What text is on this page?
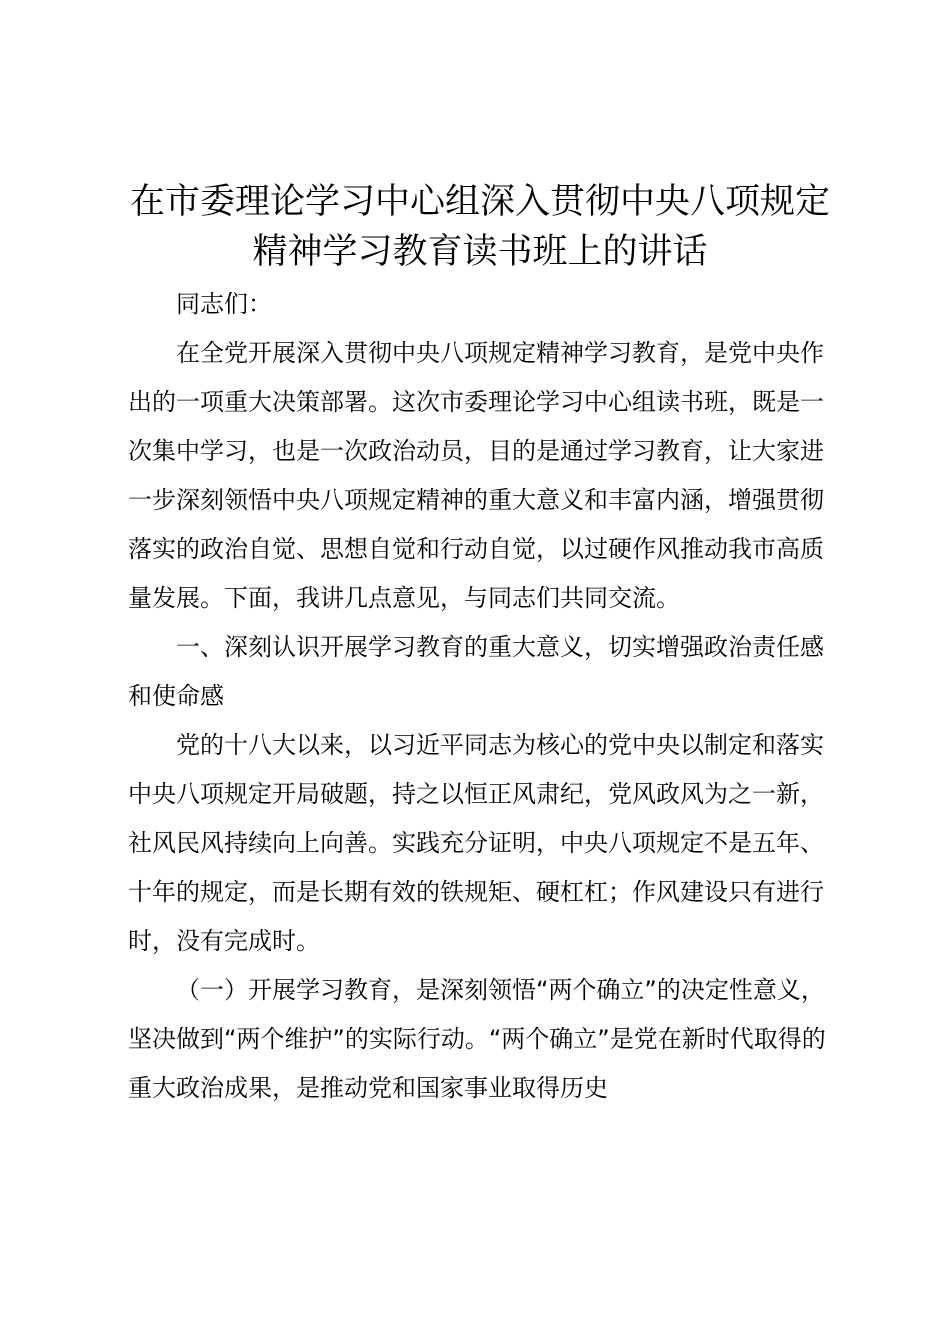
在市委理论学习中心组深入贯彻中央八项规定
精神学习教育读书班上的讲话

同志们：

在全党开展深入贯彻中央八项规定精神学习教育，是党中央作出的一项重大决策部署。这次市委理论学习中心组读书班，既是一次集中学习，也是一次政治动员，目的是通过学习教育，让大家进一步深刻领悟中央八项规定精神的重大意义和丰富内涵，增强贯彻落实的政治自觉、思想自觉和行动自觉，以过硬作风推动我市高质量发展。下面，我讲几点意见，与同志们共同交流。

一、深刻认识开展学习教育的重大意义，切实增强政治责任感和使命感

党的十八大以来，以习近平同志为核心的党中央以制定和落实中央八项规定开局破题，持之以恒正风肃纪，党风政风为之一新，社风民风持续向上向善。实践充分证明，中央八项规定不是五年、十年的规定，而是长期有效的铁规矩、硬杠杠；作风建设只有进行时，没有完成时。

（一）开展学习教育，是深刻领悟“两个确立”的决定性意义，坚决做到“两个维护”的实际行动。“两个确立”是党在新时代取得的重大政治成果，是推动党和国家事业取得历史
